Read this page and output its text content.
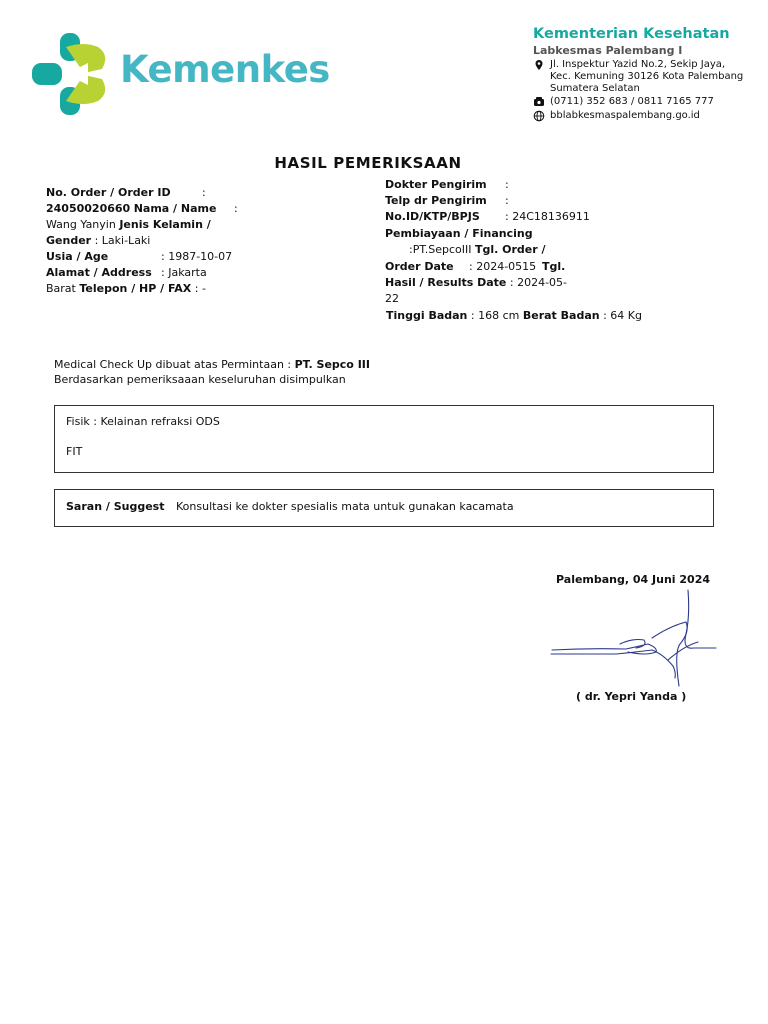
Kemenkes
Kementerian Kesehatan
Labkesmas Palembang I
Jl. Inspektur Yazid No.2, Sekip Jaya,
Kec. Kemuning 30126 Kota Palembang
Sumatera Selatan
(0711) 352 683 / 0811 7165 777
bblabkesmaspalembang.go.id
HASIL PEMERIKSAAN
No. Order / Order ID	:
24050020660 Nama / Name :
Wang Yanyin Jenis Kelamin /
Gender : Laki-Laki
Usia / Age	: 1987-10-07
Alamat / Address : Jakarta
Barat Telepon / HP / FAX : -
Dokter Pengirim :
Telp dr Pengirim :
No.ID/KTP/BPJS : 24C18136911
Pembiayaan / Financing
:PT.SepcoIII Tgl. Order /
Order Date : 2024-0515 Tgl.
Hasil / Results Date : 2024-05-
22
Tinggi Badan : 168 cm Berat Badan : 64 Kg
Medical Check Up dibuat atas Permintaan : PT. Sepco III
Berdasarkan pemeriksaaan keseluruhan disimpulkan
Fisik : Kelainan refraksi ODS
FIT
Saran / Suggest Konsultasi ke dokter spesialis mata untuk gunakan kacamata
Palembang, 04 Juni 2024
( dr. Yepri Yanda )
